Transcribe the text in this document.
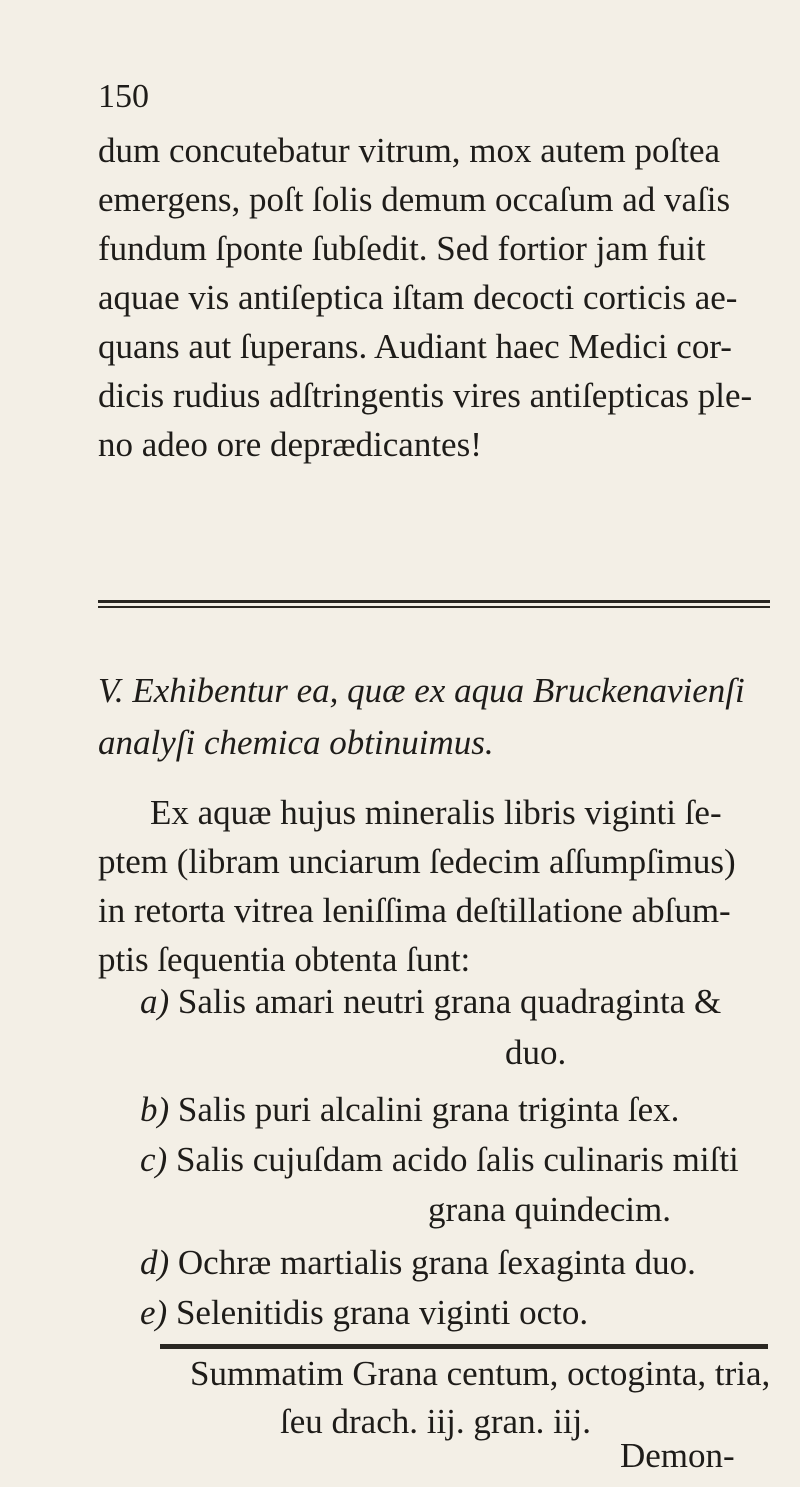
150
dum concutebatur vitrum, mox autem poſtea
emergens, poſt ſolis demum occaſum ad vaſis
fundum ſponte ſubſedit. Sed fortior jam fuit
aquae vis antiſeptica iſtam decocti corticis ae-
quans aut ſuperans. Audiant haec Medici cor-
dicis rudius adſtringentis vires antiſepticas ple-
no adeo ore deprædicantes!
V. Exhibentur ea, quæ ex aqua Bruckenavienſi
analyſi chemica obtinuimus.
Ex aquæ hujus mineralis libris viginti ſe-
ptem (libram unciarum ſedecim aſſumpſimus)
in retorta vitrea leniſſima deſtillatione abſum-
ptis ſequentia obtenta ſunt:
a) Salis amari neutri grana quadraginta &
duo.
b) Salis puri alcalini grana triginta ſex.
c) Salis cujuſdam acido ſalis culinaris miſti
grana quindecim.
d) Ochræ martialis grana ſexaginta duo.
e) Selenitidis grana viginti octo.
Summatim Grana centum, octoginta, tria,
ſeu drach. iij. gran. iij.
Demon-
